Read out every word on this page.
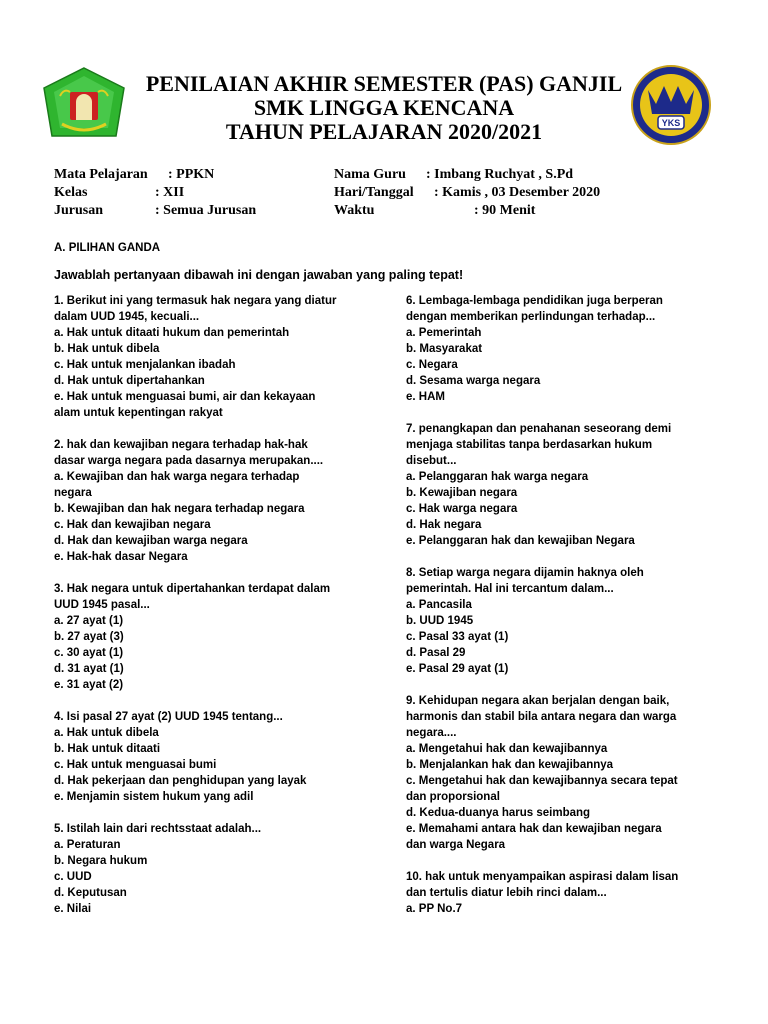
PENILAIAN AKHIR SEMESTER (PAS) GANJIL
SMK LINGGA KENCANA
TAHUN PELAJARAN 2020/2021	YKS
Mata Pelajaran : PPKN
Kelas	: XII
Jurusan	: Semua Jurusan
Nama Guru : Imbang Ruchyat , S.Pd
Hari/Tanggal : Kamis , 03 Desember 2020
Waktu	: 90 Menit
A. PILIHAN GANDA
Jawablah pertanyaan dibawah ini dengan jawaban yang paling tepat!
1. Berikut ini yang termasuk hak negara yang diatur
dalam UUD 1945, kecuali...
a. Hak untuk ditaati hukum dan pemerintah
b. Hak untuk dibela
c. Hak untuk menjalankan ibadah
d. Hak untuk dipertahankan
e. Hak untuk menguasai bumi, air dan kekayaan
alam untuk kepentingan rakyat
2. hak dan kewajiban negara terhadap hak-hak
dasar warga negara pada dasarnya merupakan....
a. Kewajiban dan hak warga negara terhadap
negara
b. Kewajiban dan hak negara terhadap negara
c. Hak dan kewajiban negara
d. Hak dan kewajiban warga negara
e. Hak-hak dasar Negara
3. Hak negara untuk dipertahankan terdapat dalam
UUD 1945 pasal...
a. 27 ayat (1)
b. 27 ayat (3)
c. 30 ayat (1)
d. 31 ayat (1)
e. 31 ayat (2)
4. Isi pasal 27 ayat (2) UUD 1945 tentang...
a. Hak untuk dibela
b. Hak untuk ditaati
c. Hak untuk menguasai bumi
d. Hak pekerjaan dan penghidupan yang layak
e. Menjamin sistem hukum yang adil
5. Istilah lain dari rechtsstaat adalah...
a. Peraturan
b. Negara hukum
c. UUD
d. Keputusan
e. Nilai
6. Lembaga-lembaga pendidikan juga berperan
dengan memberikan perlindungan terhadap...
a. Pemerintah
b. Masyarakat
c. Negara
d. Sesama warga negara
e. HAM
7. penangkapan dan penahanan seseorang demi
menjaga stabilitas tanpa berdasarkan hukum
disebut...
a. Pelanggaran hak warga negara
b. Kewajiban negara
c. Hak warga negara
d. Hak negara
e. Pelanggaran hak dan kewajiban Negara
8. Setiap warga negara dijamin haknya oleh
pemerintah. Hal ini tercantum dalam...
a. Pancasila
b. UUD 1945
c. Pasal 33 ayat (1)
d. Pasal 29
e. Pasal 29 ayat (1)
9. Kehidupan negara akan berjalan dengan baik,
harmonis dan stabil bila antara negara dan warga
negara....
a. Mengetahui hak dan kewajibannya
b. Menjalankan hak dan kewajibannya
c. Mengetahui hak dan kewajibannya secara tepat
dan proporsional
d. Kedua-duanya harus seimbang
e. Memahami antara hak dan kewajiban negara
dan warga Negara
10. hak untuk menyampaikan aspirasi dalam lisan
dan tertulis diatur lebih rinci dalam...
a. PP No.7
